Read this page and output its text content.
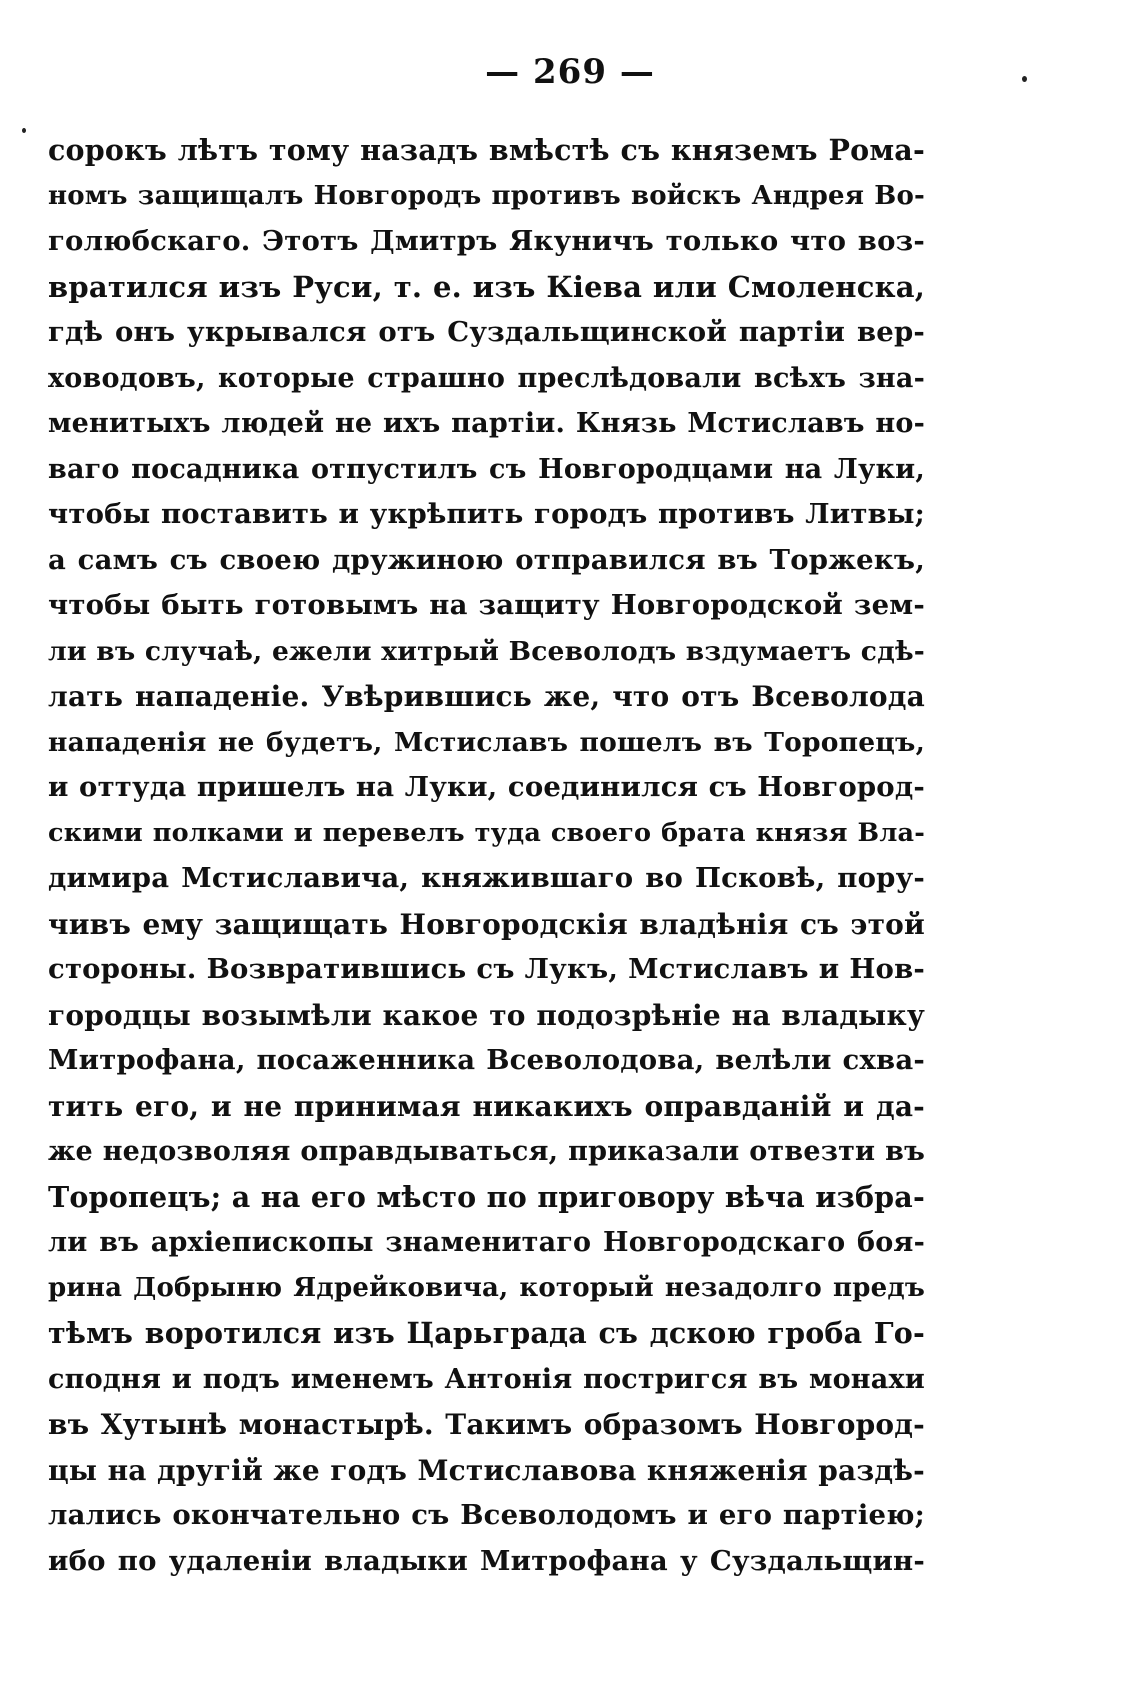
— 269 —
сорокъ лѣтъ тому назадъ вмѣстѣ съ княземъ Рома-
номъ защищалъ Новгородъ противъ войскъ Андрея Во-
голюбскаго. Этотъ Дмитръ Якуничъ только что воз-
вратился изъ Руси, т. е. изъ Кіева или Смоленска,
гдѣ онъ укрывался отъ Суздальщинской партіи вер-
ховодовъ, которые страшно преслѣдовали всѣхъ зна-
менитыхъ людей не ихъ партіи. Князь Мстиславъ но-
ваго посадника отпустилъ съ Новгородцами на Луки,
чтобы поставить и укрѣпить городъ противъ Литвы;
а самъ съ своею дружиною отправился въ Торжекъ,
чтобы быть готовымъ на защиту Новгородской зем-
ли въ случаѣ, ежели хитрый Всеволодъ вздумаетъ сдѣ-
лать нападеніе. Увѣрившись же, что отъ Всеволода
нападенія не будетъ, Мстиславъ пошелъ въ Торопецъ,
и оттуда пришелъ на Луки, соединился съ Новгород-
скими полками и перевелъ туда своего брата князя Вла-
димира Мстиславича, княжившаго во Псковѣ, пору-
чивъ ему защищать Новгородскія владѣнія съ этой
стороны. Возвратившись съ Лукъ, Мстиславъ и Нов-
городцы возымѣли какое то подозрѣніе на владыку
Митрофана, посаженника Всеволодова, велѣли схва-
тить его, и не принимая никакихъ оправданій и да-
же недозволяя оправдываться, приказали отвезти въ
Торопецъ; а на его мѣсто по приговору вѣча избра-
ли въ архіепископы знаменитаго Новгородскаго боя-
рина Добрыню Ядрейковича, который незадолго предъ
тѣмъ воротился изъ Царьграда съ дскою гроба Го-
сподня и подъ именемъ Антонія постригся въ монахи
въ Хутынѣ монастырѣ. Такимъ образомъ Новгород-
цы на другій же годъ Мстиславова княженія раздѣ-
лались окончательно съ Всеволодомъ и его партіею;
ибо по удаленіи владыки Митрофана у Суздальщин-
